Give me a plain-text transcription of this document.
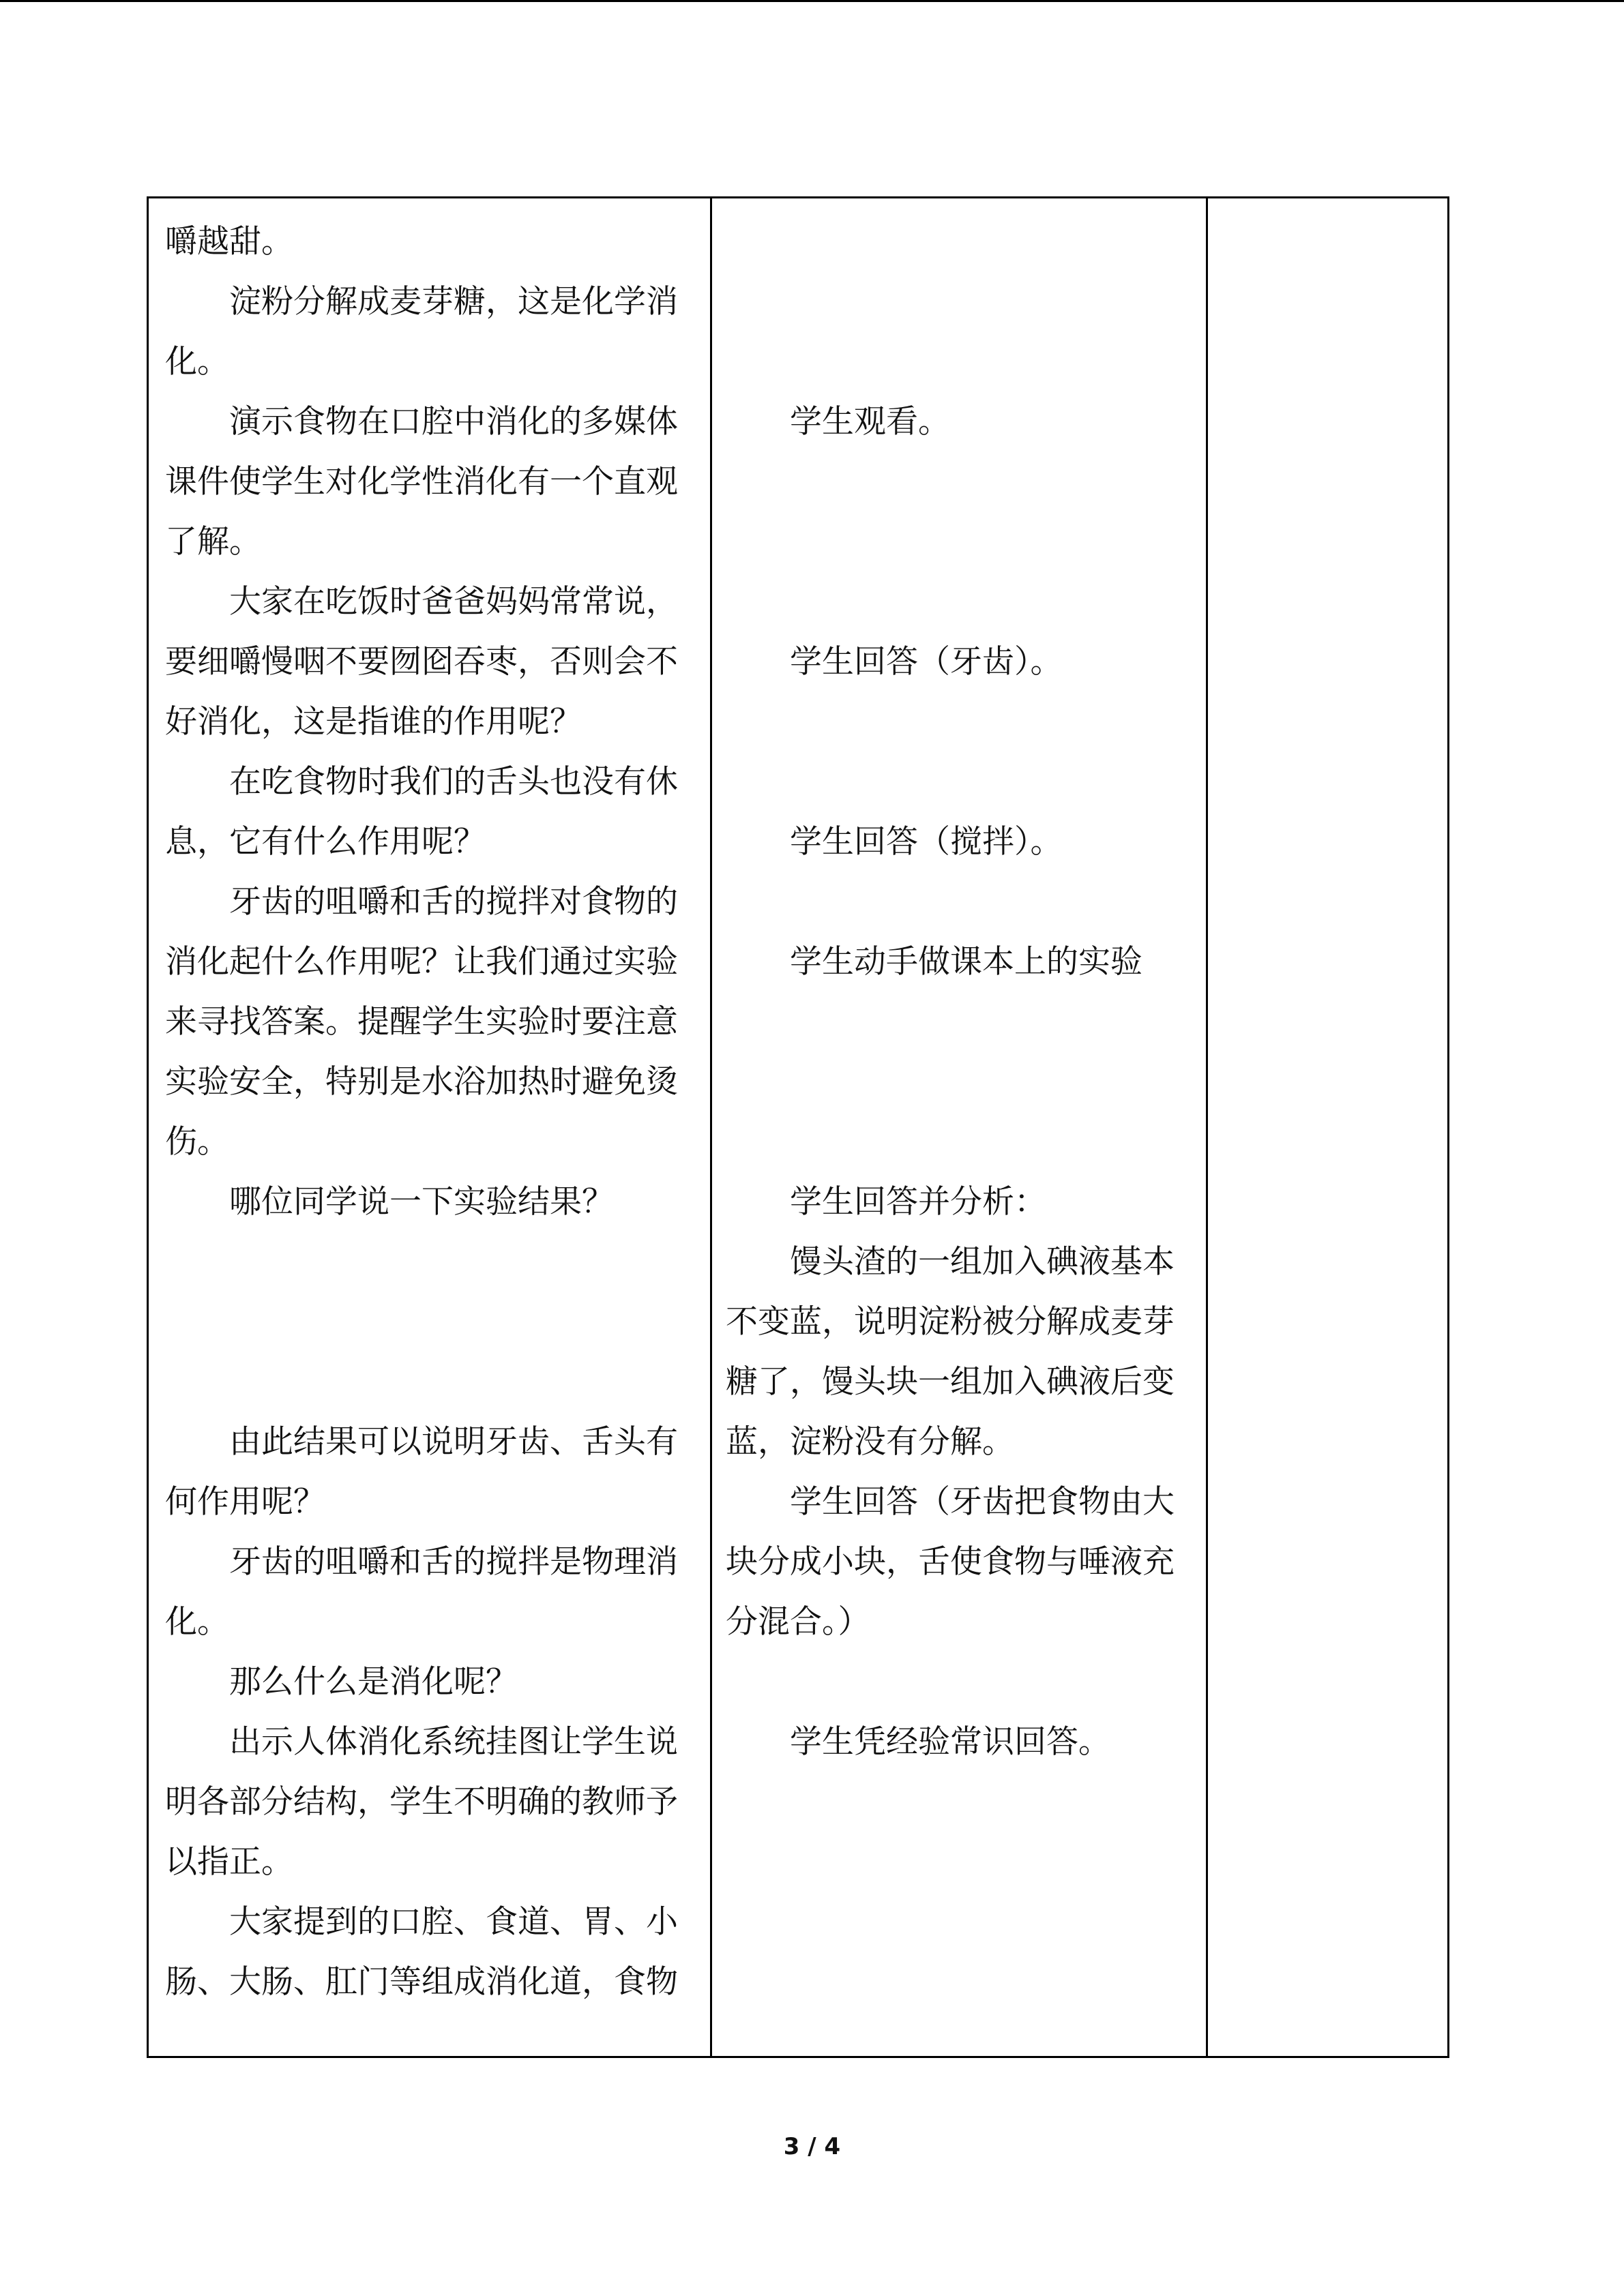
嚼越甜。
淀粉分解成麦芽糖，这是化学消
化。
演示食物在口腔中消化的多媒体
课件使学生对化学性消化有一个直观
了解。
大家在吃饭时爸爸妈妈常常说，
要细嚼慢咽不要囫囵吞枣，否则会不
好消化，这是指谁的作用呢？
在吃食物时我们的舌头也没有休
息，它有什么作用呢？
牙齿的咀嚼和舌的搅拌对食物的
消化起什么作用呢？让我们通过实验
来寻找答案。提醒学生实验时要注意
实验安全，特别是水浴加热时避免烫
伤。
哪位同学说一下实验结果？
由此结果可以说明牙齿、舌头有
何作用呢？
牙齿的咀嚼和舌的搅拌是物理消
化。
那么什么是消化呢？
出示人体消化系统挂图让学生说
明各部分结构，学生不明确的教师予
以指正。
大家提到的口腔、食道、胃、小
肠、大肠、肛门等组成消化道，食物
学生观看。
学生回答（牙齿）。
学生回答（搅拌）。
学生动手做课本上的实验
学生回答并分析：
馒头渣的一组加入碘液基本
不变蓝，说明淀粉被分解成麦芽
糖了，馒头块一组加入碘液后变
蓝，淀粉没有分解。
学生回答（牙齿把食物由大
块分成小块，舌使食物与唾液充
分混合。）
学生凭经验常识回答。
3 / 4
